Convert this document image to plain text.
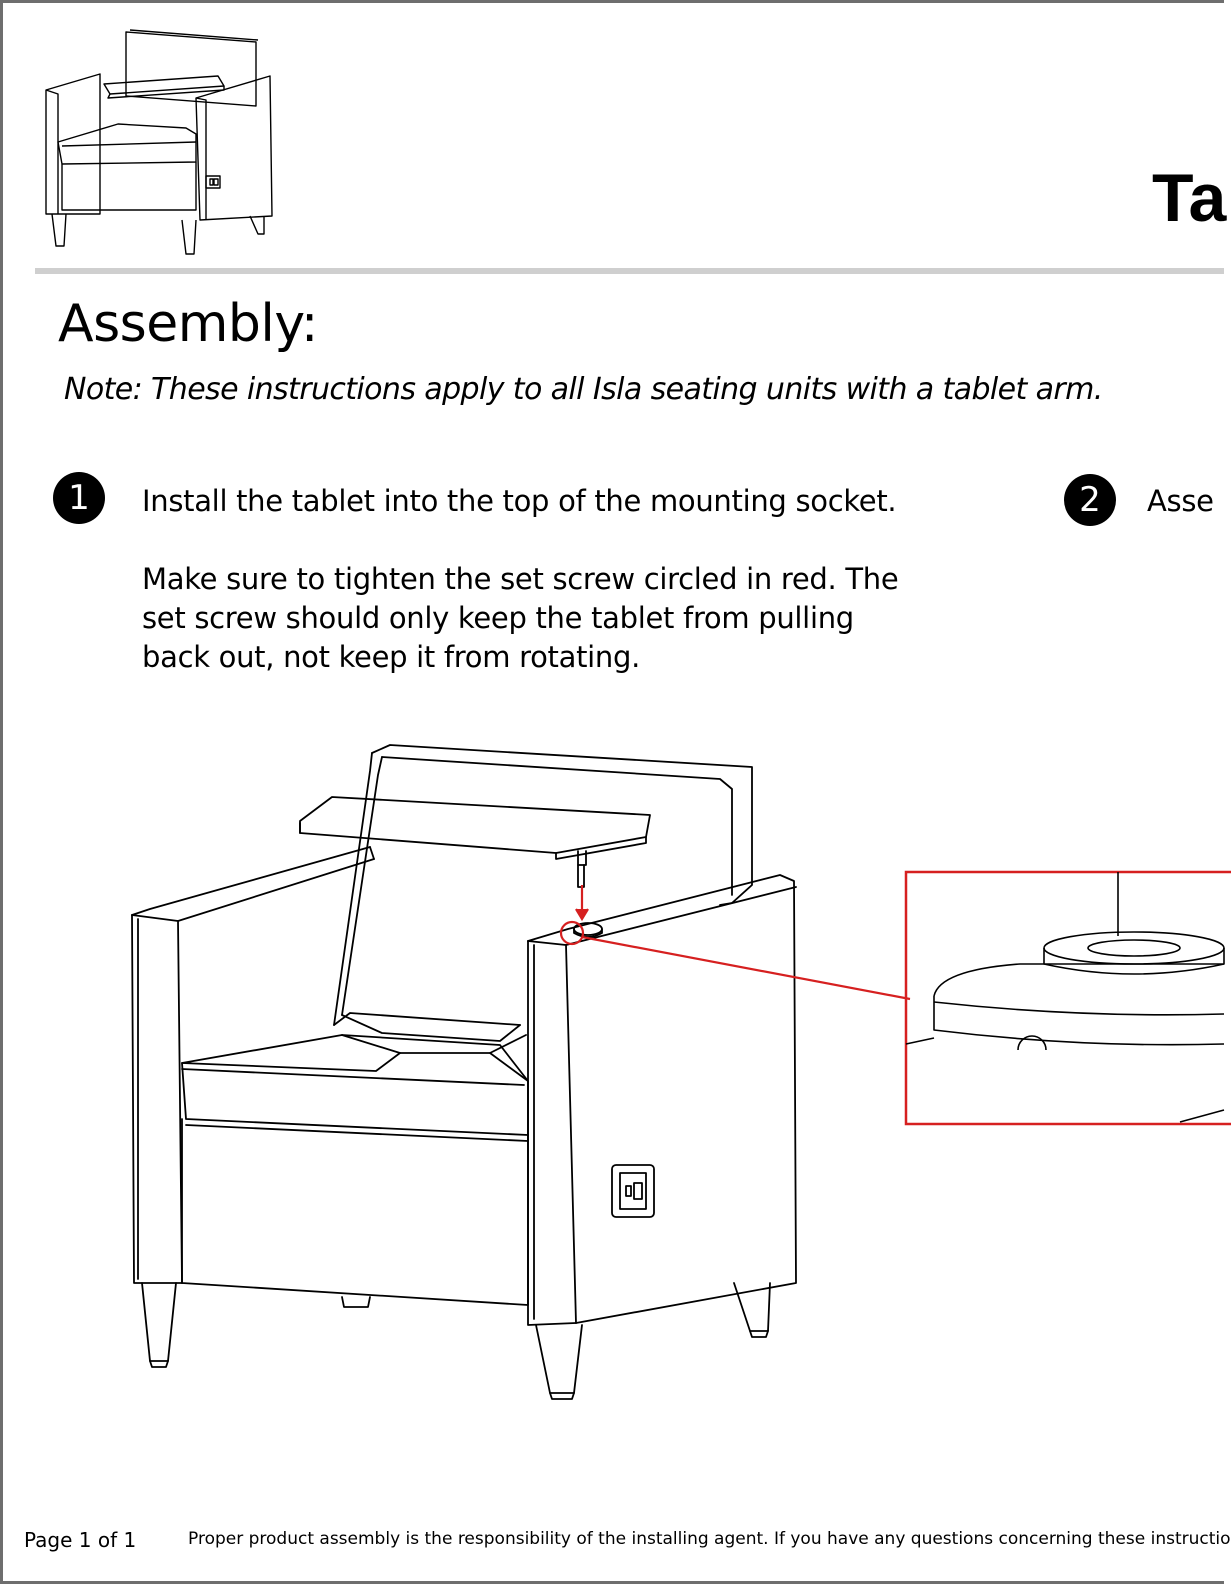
Ta
Assembly:
Note: These instructions apply to all Isla seating units with a tablet arm.
1	Install the tablet into the top of the mounting socket.
Make sure to tighten the set screw circled in red. The
set screw should only keep the tablet from pulling
back out, not keep it from rotating.
2	Asse
Page 1 of 1	Proper product assembly is the responsibility of the installing agent. If you have any questions concerning these instructio
